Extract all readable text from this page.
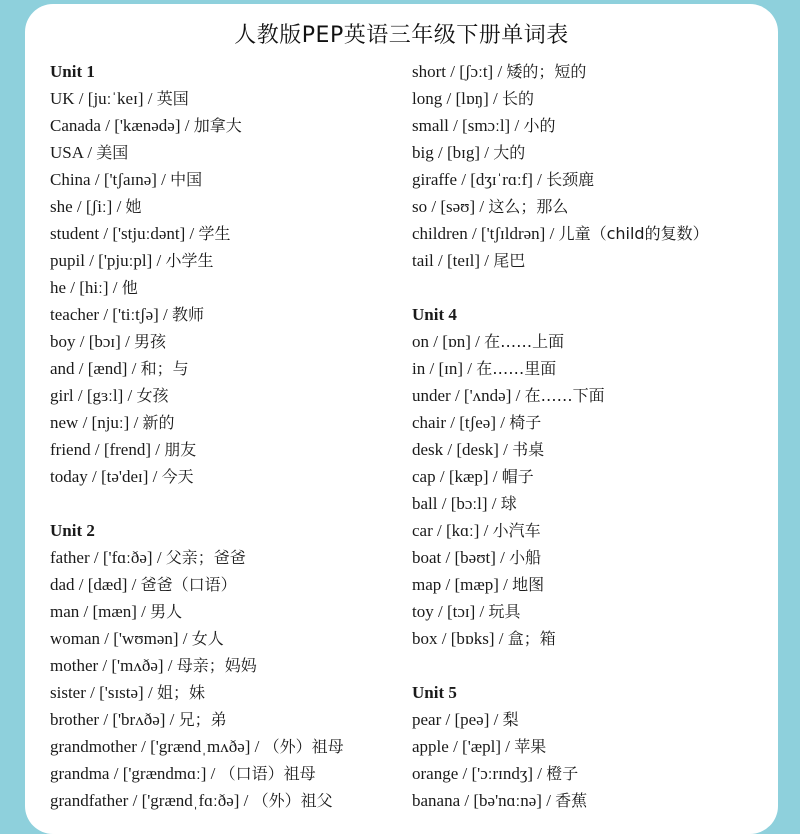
人教版PEP英语三年级下册单词表
Unit 1
UK / [juːˈkeɪ] / 英国
Canada / ['kænədə] / 加拿大
USA / 美国
China / ['tʃaɪnə] / 中国
she / [ʃiː] / 她
student / ['stjuːdənt] / 学生
pupil / ['pjuːpl] / 小学生
he / [hiː] / 他
teacher / ['tiːtʃə] / 教师
boy / [bɔɪ] / 男孩
and / [ænd] / 和；与
girl / [gɜːl] / 女孩
new / [njuː] / 新的
friend / [frend] / 朋友
today / [tə'deɪ] / 今天
Unit 2
father / ['fɑːðə] / 父亲；爸爸
dad / [dæd] / 爸爸（口语）
man / [mæn] / 男人
woman / ['wʊmən] / 女人
mother / ['mʌðə] / 母亲；妈妈
sister / ['sɪstə] / 姐；妹
brother / ['brʌðə] / 兄；弟
grandmother / ['grændˌmʌðə] / （外）祖母
grandma / ['grændmɑː] / （口语）祖母
grandfather / ['grændˌfɑːðə] / （外）祖父
short / [ʃɔːt] / 矮的；短的
long / [lɒŋ] / 长的
small / [smɔːl] / 小的
big / [bɪg] / 大的
giraffe / [dʒɪˈrɑːf] / 长颈鹿
so / [səʊ] / 这么；那么
children / ['tʃɪldrən] / 儿童（child的复数）
tail / [teɪl] / 尾巴
Unit 4
on / [ɒn] / 在……上面
in / [ɪn] / 在……里面
under / ['ʌndə] / 在……下面
chair / [tʃeə] / 椅子
desk / [desk] / 书桌
cap / [kæp] / 帽子
ball / [bɔːl] / 球
car / [kɑː] / 小汽车
boat / [bəʊt] / 小船
map / [mæp] / 地图
toy / [tɔɪ] / 玩具
box / [bɒks] / 盒；箱
Unit 5
pear / [peə] / 梨
apple / ['æpl] / 苹果
orange / ['ɔːrɪndʒ] / 橙子
banana / [bə'nɑːnə] / 香蕉
